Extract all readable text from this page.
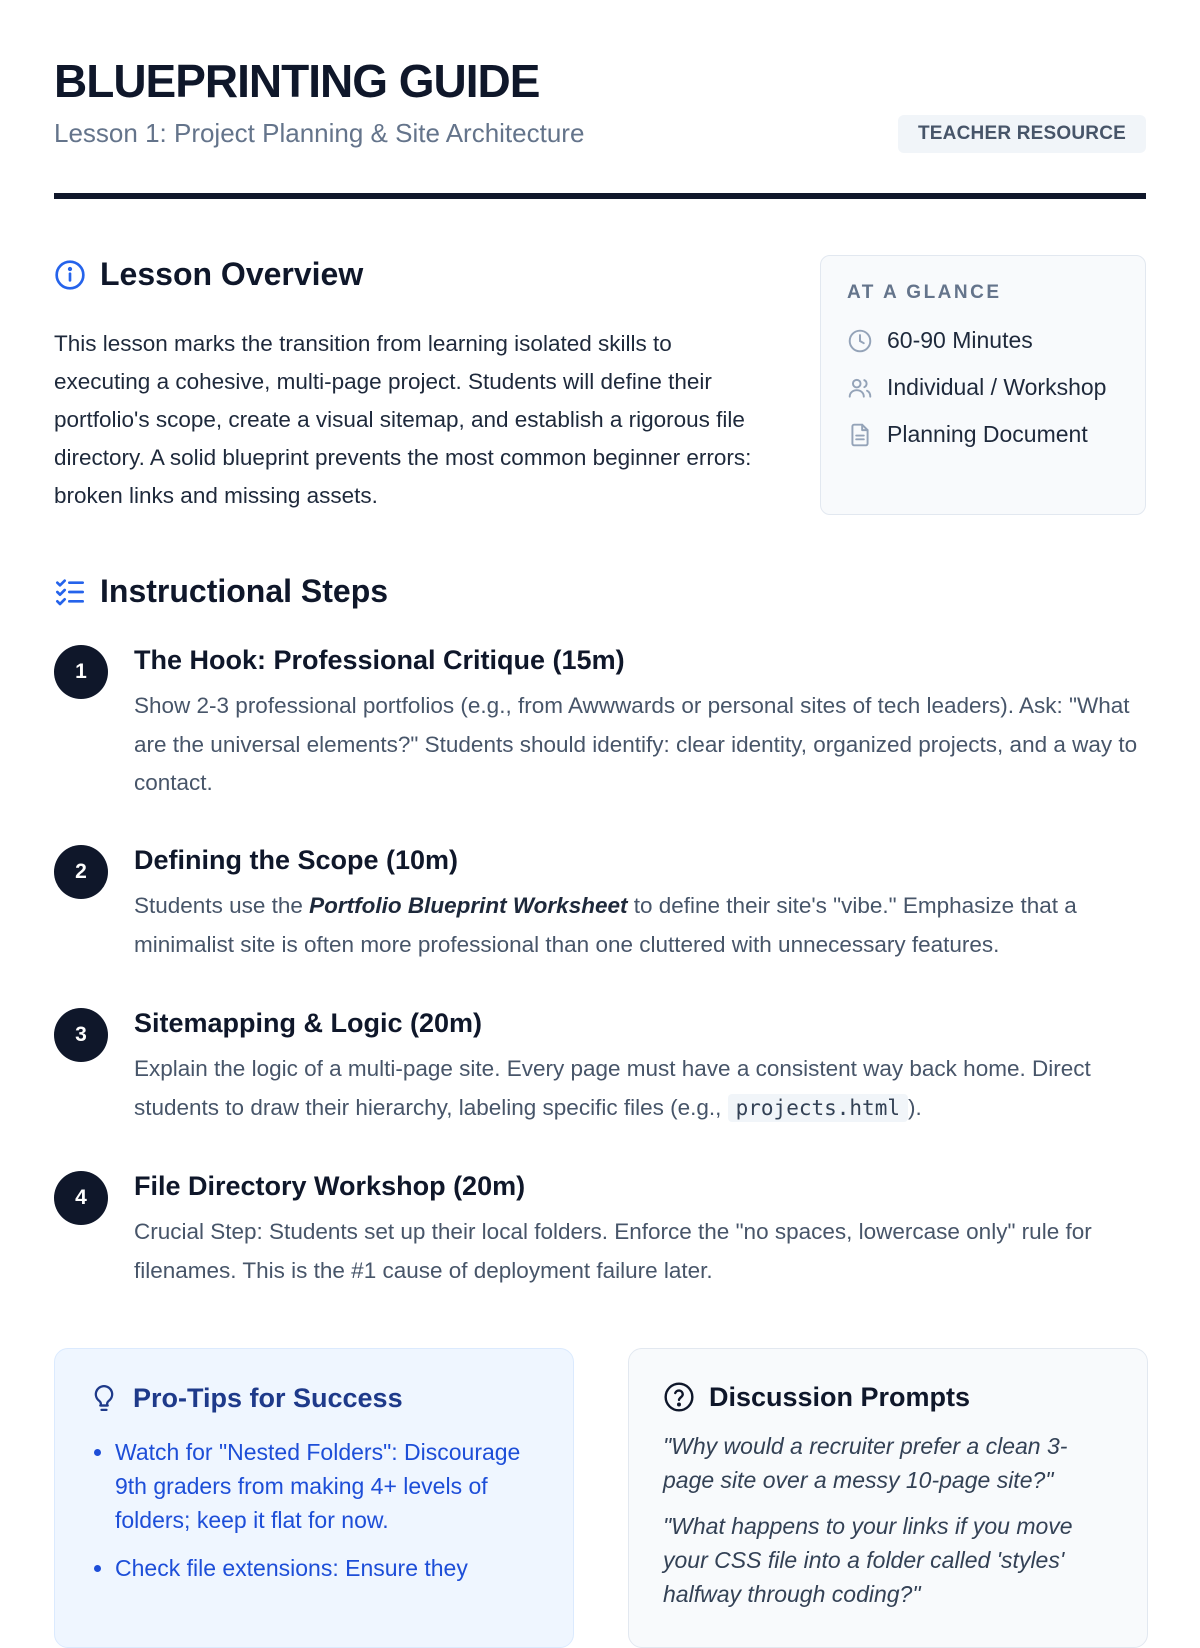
BLUEPRINTING GUIDE
Lesson 1: Project Planning & Site Architecture	TEACHER RESOURCE
Lesson Overview

This lesson marks the transition from learning isolated skills to executing a cohesive, multi-page project. Students will define their portfolio's scope, create a visual sitemap, and establish a rigorous file directory. A solid blueprint prevents the most common beginner errors: broken links and missing assets.

AT A GLANCE
60-90 Minutes
Individual / Workshop
Planning Document
Instructional Steps
1	The Hook: Professional Critique (15m)
Show 2-3 professional portfolios (e.g., from Awwwards or personal sites of tech leaders). Ask: "What are the universal elements?" Students should identify: clear identity, organized projects, and a way to contact.
2	Defining the Scope (10m)
Students use the Portfolio Blueprint Worksheet to define their site's "vibe." Emphasize that a minimalist site is often more professional than one cluttered with unnecessary features.
3	Sitemapping & Logic (20m)
Explain the logic of a multi-page site. Every page must have a consistent way back home. Direct students to draw their hierarchy, labeling specific files (e.g., projects.html ).
4	File Directory Workshop (20m)
Crucial Step: Students set up their local folders. Enforce the "no spaces, lowercase only" rule for filenames. This is the #1 cause of deployment failure later.
Pro-Tips for Success
• Watch for "Nested Folders": Discourage 9th graders from making 4+ levels of folders; keep it flat for now.
• Check file extensions: Ensure they
Discussion Prompts

"Why would a recruiter prefer a clean 3-page site over a messy 10-page site?"

"What happens to your links if you move your CSS file into a folder called 'styles' halfway through coding?"
